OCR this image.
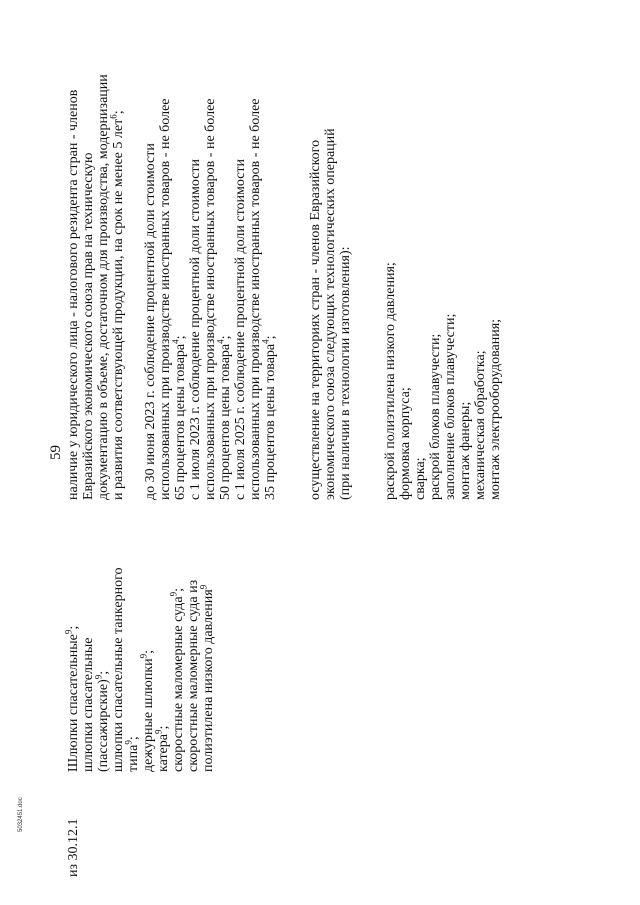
59
из 30.12.1
Шлюпки спасательные$^9$;
шлюпки спасательные (пассажирские)$^9$; шлюпки спасательные танкерного типа$^9$; дежурные шлюпки$^9$;
катера$^9$; скоростные маломерные суда$^9$; скоростные маломерные суда из полиэтилена низкого давления$^9$
наличие у юридического лица - налогового резидента стран - членов Евразийского экономического союза прав на техническую документацию в объеме, достаточном для производства, модернизации и развития соответствующей продукции, на срок не менее 5 лет$^6$;
до 30 июня 2023 г. соблюдение процентной доли стоимости использованных при производстве иностранных товаров - не более 65 процентов цены товара$^4$; с 1 июля 2023 г. соблюдение процентной доли стоимости использованных при производстве иностранных товаров - не более 50 процентов цены товара$^4$; с 1 июля 2025 г. соблюдение процентной доли стоимости использованных при производстве иностранных товаров - не более 35 процентов цены товара$^4$; осуществление на территориях стран - членов Евразийского экономического союза следующих технологических операций (при наличии в технологии изготовления): раскрой полиэтилена низкого давления; формовка корпуса; сварка; раскрой блоков плавучести; заполнение блоков плавучести; монтаж фанеры; механическая обработка; монтаж электрооборудования;
5032451.doc
